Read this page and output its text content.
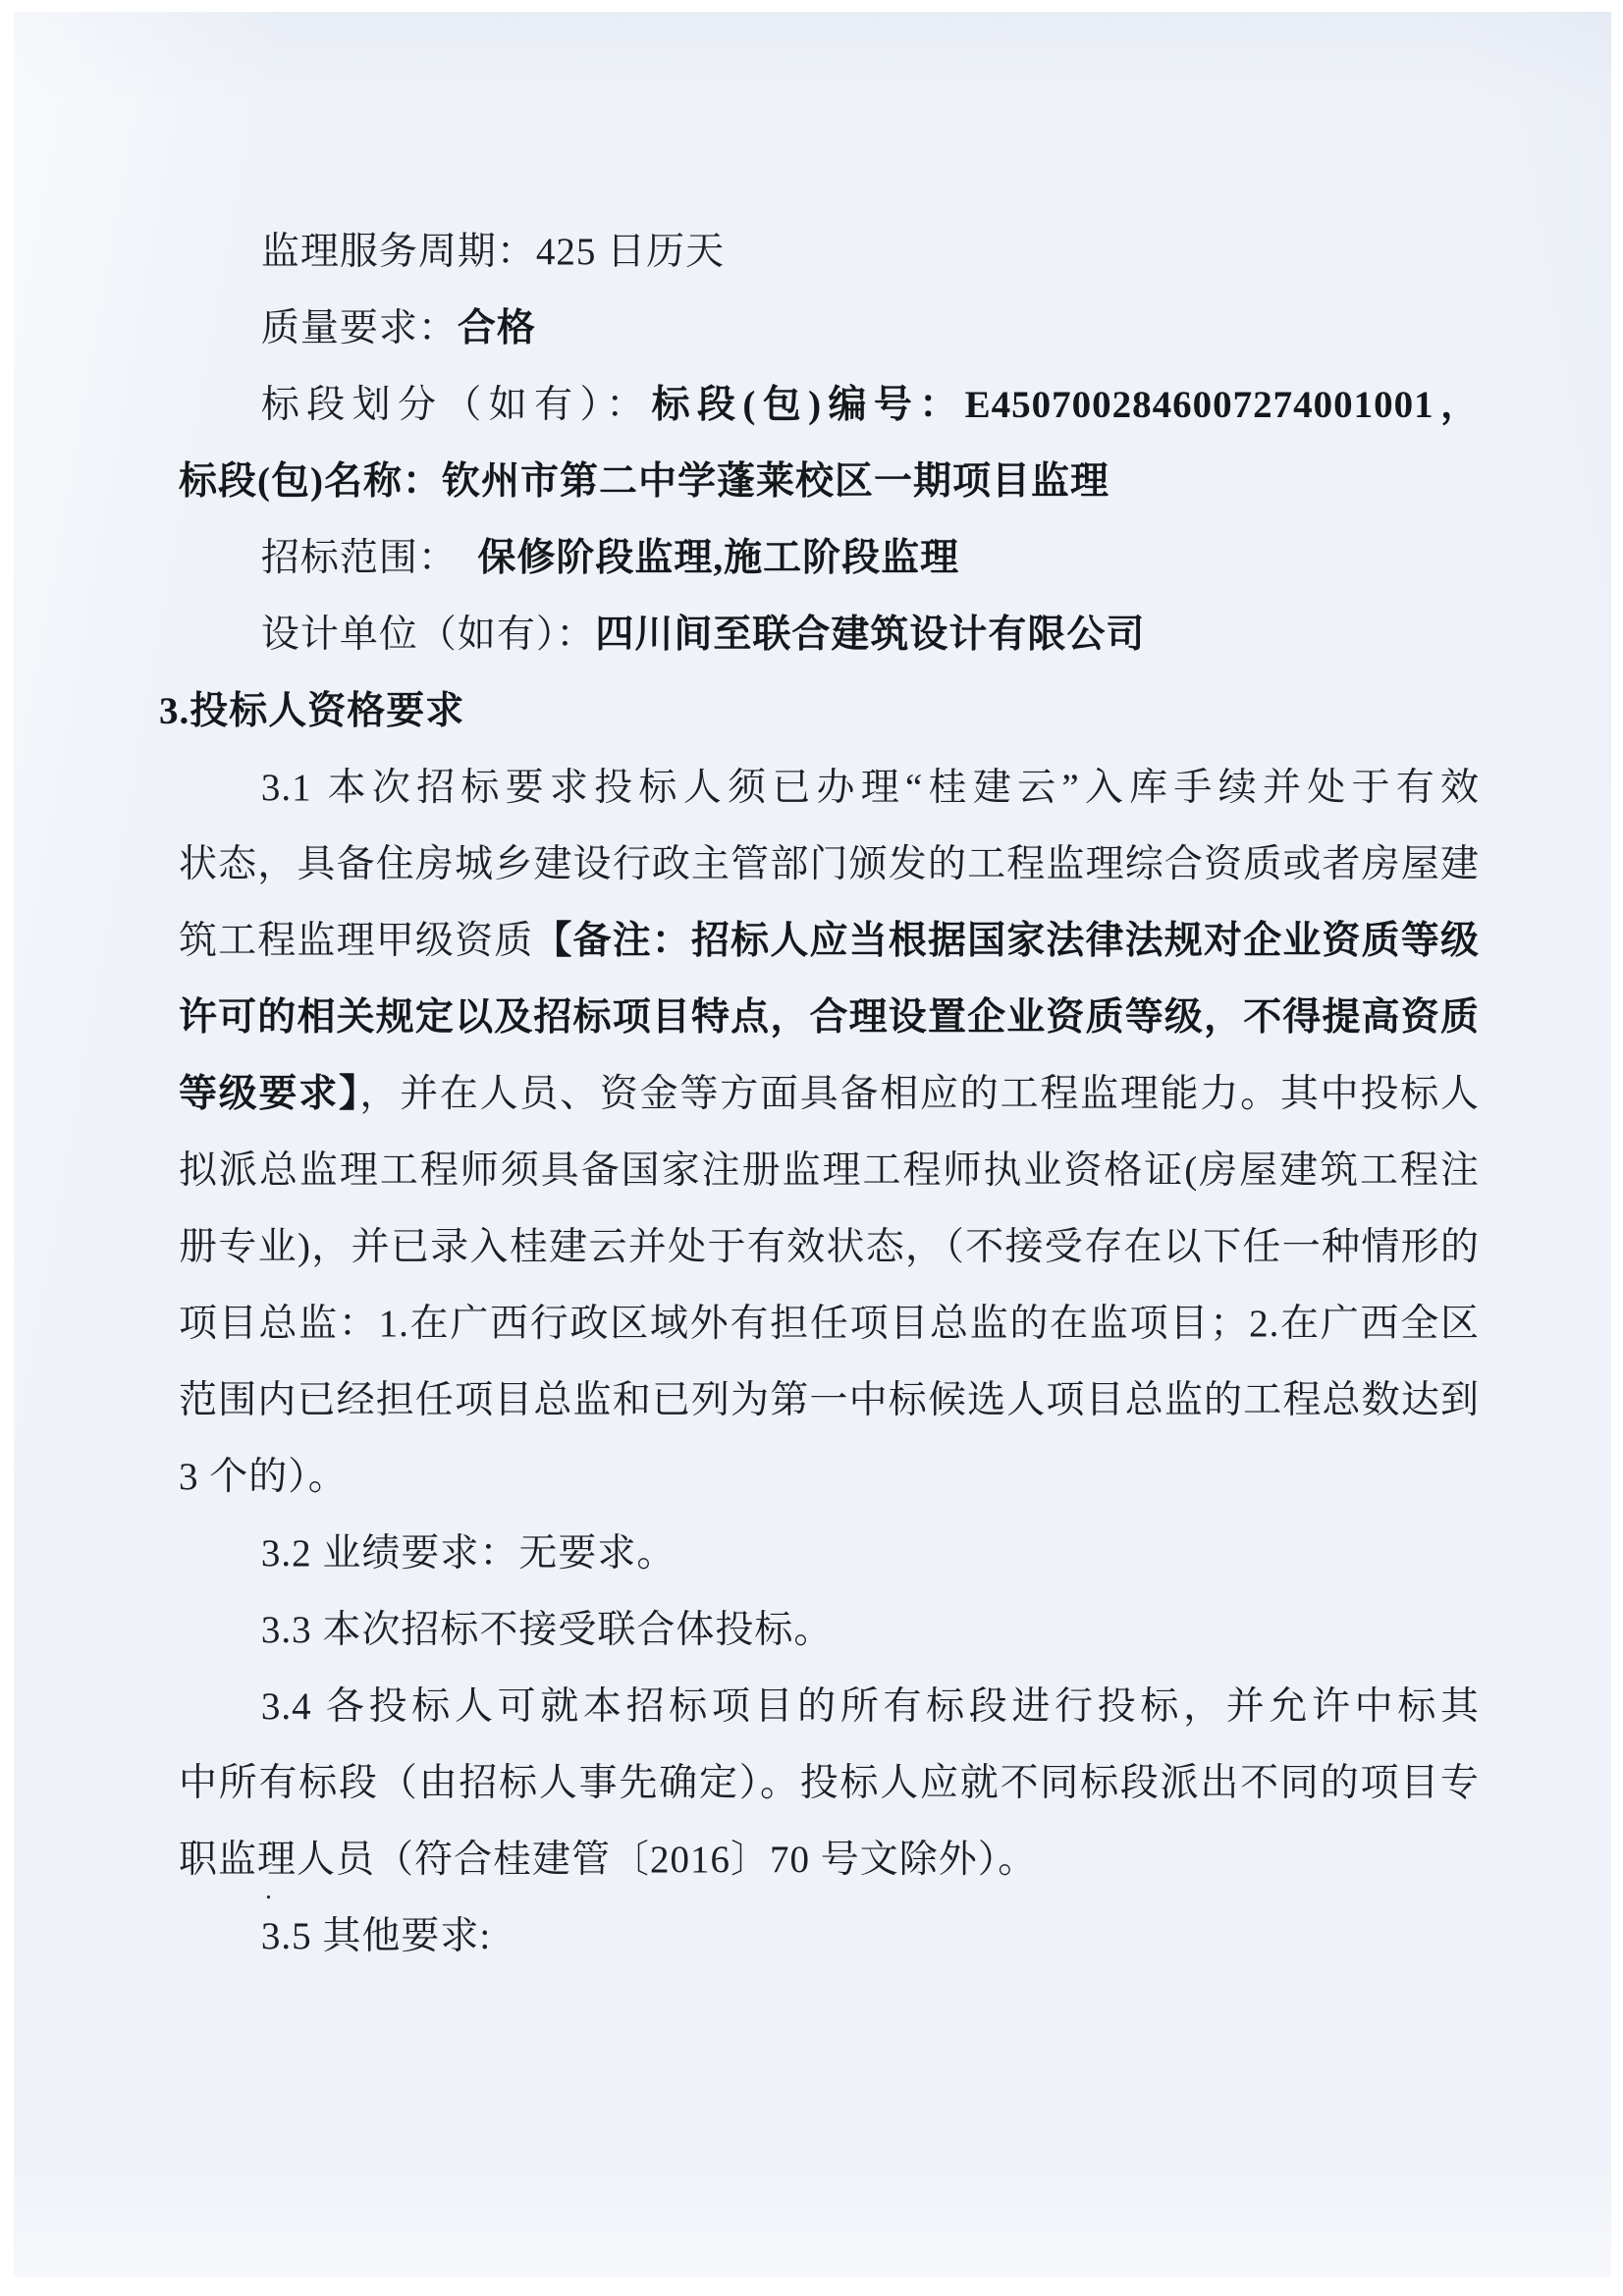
监理服务周期：425 日历天
质量要求：合格
标段划分（如有）：标段(包)编号：E4507002846007274001001，
标段(包)名称：钦州市第二中学蓬莱校区一期项目监理
招标范围：　保修阶段监理,施工阶段监理
设计单位（如有）：四川间至联合建筑设计有限公司
3.投标人资格要求
3.1 本次招标要求投标人须已办理“桂建云”入库手续并处于有效
状态，具备住房城乡建设行政主管部门颁发的工程监理综合资质或者房屋建
筑工程监理甲级资质【备注：招标人应当根据国家法律法规对企业资质等级
许可的相关规定以及招标项目特点，合理设置企业资质等级，不得提高资质
等级要求】，并在人员、资金等方面具备相应的工程监理能力。其中投标人
拟派总监理工程师须具备国家注册监理工程师执业资格证(房屋建筑工程注
册专业)，并已录入桂建云并处于有效状态，（不接受存在以下任一种情形的
项目总监：1.在广西行政区域外有担任项目总监的在监项目；2.在广西全区
范围内已经担任项目总监和已列为第一中标候选人项目总监的工程总数达到
3 个的）。
3.2 业绩要求：无要求。
3.3 本次招标不接受联合体投标。
3.4 各投标人可就本招标项目的所有标段进行投标，并允许中标其
中所有标段（由招标人事先确定）。投标人应就不同标段派出不同的项目专
职监理人员（符合桂建管〔2016〕70 号文除外）。
3.5 其他要求:
.
